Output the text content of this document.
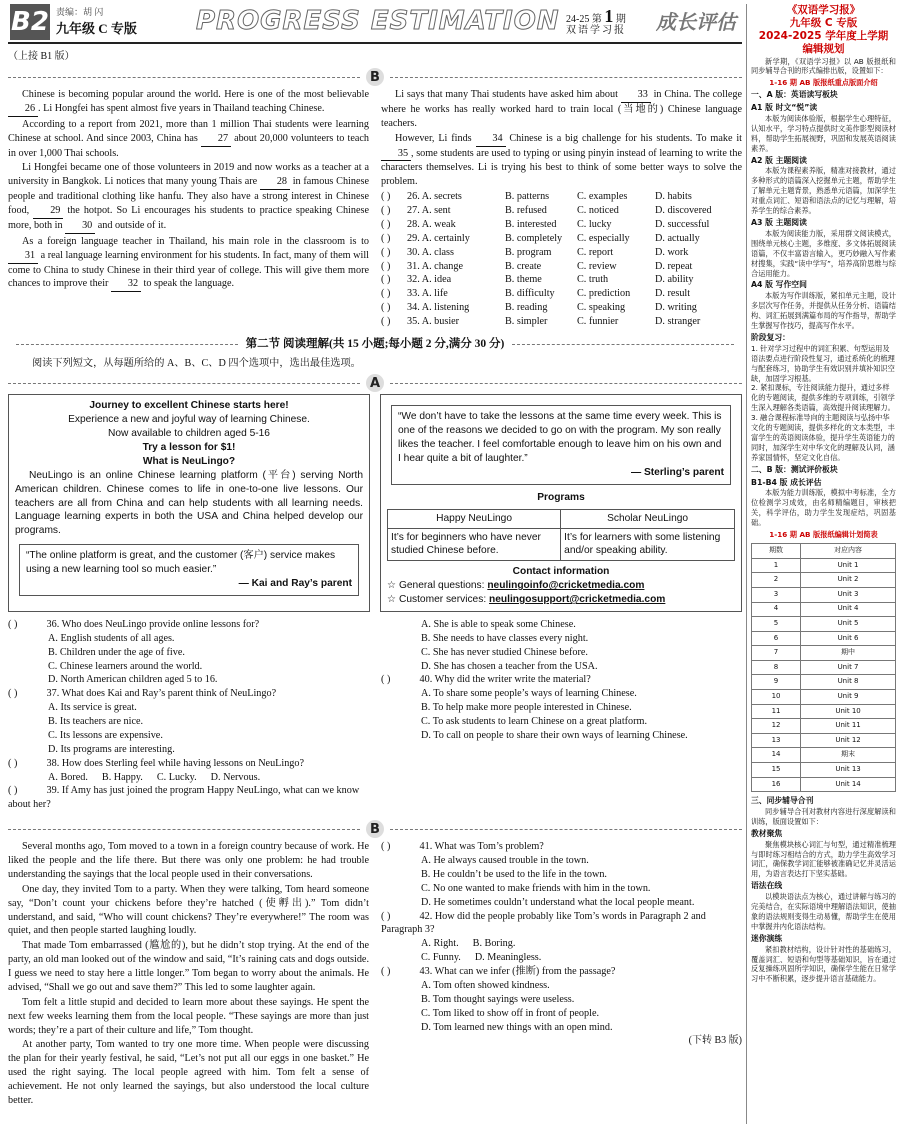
B2 责编：胡 闪
九年级 C 专版 PROGRESS ESTIMATION 24-25 第 1 期
双语学习报 成长评估
（上接 B1 版）
B

Chinese is becoming popular around the world. Here is one of the most believable 26 . Li Hongfei has spent almost five years in Thailand teaching Chinese.

According to a report from 2021, more than 1 million Thai students were learning Chinese at school. And since 2003, China has 27 about 20,000 volunteers to teach in over 1,000 Thai schools.

Li Hongfei became one of those volunteers in 2019 and now works as a teacher at a university in Bangkok. Li notices that many young Thais are 28 in famous Chinese people and traditional clothing like hanfu. They also have a strong interest in Chinese food, 29 the hotpot. So Li encourages his students to practice speaking Chinese more, both in 30 and outside of it.

As a foreign language teacher in Thailand, his main role in the classroom is to 31 a real language learning environment for his students. In fact, many of them will come to China to study Chinese in their third year of college. This will give them more chances to improve their 32 to speak the language.

Li says that many Thai students have asked him about 33 in China. The college where he works has really worked hard to train local (当地的) Chinese language teachers.

However, Li finds 34 Chinese is a big challenge for his students. To make it 35 , some students are used to typing or using pinyin instead of learning to write the characters themselves. Li is trying his best to think of some better ways to solve the problem.

( )	26. A. secrets	B. patterns	C. examples	D. habits
( )	27. A. sent	B. refused	C. noticed	D. discovered
( )	28. A. weak	B. interested	C. lucky	D. successful
( )	29. A. certainly	B. completely	C. especially	D. actually
( )	30. A. class	B. program	C. report	D. work
( )	31. A. change	B. create	C. review	D. repeat
( )	32. A. idea	B. theme	C. truth	D. ability
( )	33. A. life	B. difficulty	C. prediction	D. result
( )	34. A. listening	B. reading	C. speaking	D. writing
( )	35. A. busier	B. simpler	C. funnier	D. stranger
第二节 阅读理解(共 15 小题;每小题 2 分,满分 30 分)
阅读下列短文，从每题所给的 A、B、C、D 四个选项中，选出最佳选项。
A
Journey to excellent Chinese starts here!
Experience a new and joyful way of learning Chinese.
Now available to children aged 5-16
Try a lesson for $1!
What is NeuLingo?

NeuLingo is an online Chinese learning platform (平台) serving North American children. Chinese comes to life in one-to-one live lessons. Our teachers are all from China and can help students with all learning needs. Language learning experts in both the USA and China helped develop our programs.

“The online platform is great, and the customer (客户) service makes using a new learning tool so much easier.”
— Kai and Ray’s parent
“We don’t have to take the lessons at the same time every week. This is one of the reasons we decided to go on with the program. My son really likes the teacher. I feel comfortable enough to leave him on his own and I hear quite a bit of laughter.”
— Sterling’s parent
Programs
Happy NeuLingo	Scholar NeuLingo
It’s for beginners who have never studied Chinese before.	It’s for learners with some listening and/or speaking ability.
Contact information
☆ General questions: neulingoinfo@cricketmedia.com
☆ Customer services: neulingosupport@cricketmedia.com
( )	36. Who does NeuLingo provide online lessons for?
A. English students of all ages.
B. Children under the age of five.
C. Chinese learners around the world.
D. North American children aged 5 to 16.
( )	37. What does Kai and Ray’s parent think of NeuLingo?
A. Its service is great.
B. Its teachers are nice.
C. Its lessons are expensive.
D. Its programs are interesting.
( )	38. How does Sterling feel while having lessons on NeuLingo?
A. Bored. B. Happy. C. Lucky. D. Nervous.
( )	39. If Amy has just joined the program Happy NeuLingo, what can we know about her?
A. She is able to speak some Chinese.
B. She needs to have classes every night.
C. She has never studied Chinese before.
D. She has chosen a teacher from the USA.
( )	40. Why did the writer write the material?
A. To share some people’s ways of learning Chinese.
B. To help make more people interested in Chinese.
C. To ask students to learn Chinese on a great platform.
D. To call on people to share their own ways of learning Chinese.
B

Several months ago, Tom moved to a town in a foreign country because of work. He liked the people and the life there. But there was only one problem: he had trouble understanding the sayings that the local people used in their conversations.

One day, they invited Tom to a party. When they were talking, Tom heard someone say, “Don’t count your chickens before they’re hatched (使孵出).” Tom didn’t understand, and said, “Who will count chickens? They’re everywhere!” The room was quiet, and then people started laughing loudly.

That made Tom embarrassed (尴尬的), but he didn’t stop trying. At the end of the party, an old man looked out of the window and said, “It’s raining cats and dogs outside. I guess we need to stay here a little longer.” Tom began to worry about the animals. He advised, “Shall we go out and save them?” This led to some laughter again.

Tom felt a little stupid and decided to learn more about these sayings. He spent the next few weeks learning them from the local people. “These sayings are more than just words; they’re a part of their culture and life,” Tom thought.

At another party, Tom wanted to try one more time. When people were discussing the plan for their yearly festival, he said, “Let’s not put all our eggs in one basket.” He used the right saying. The local people agreed with him. Tom felt a sense of achievement. He not only learned the sayings, but also understood the local culture better.

( )	41. What was Tom’s problem?
A. He always caused trouble in the town.
B. He couldn’t be used to the life in the town.
C. No one wanted to make friends with him in the town.
D. He sometimes couldn’t understand what the local people meant.
( )	42. How did the people probably like Tom’s words in Paragraph 2 and Paragraph 3?
A. Right. B. Boring.
C. Funny. D. Meaningless.
( )	43. What can we infer (推断) from the passage?
A. Tom often showed kindness.
B. Tom thought sayings were useless.
C. Tom liked to show off in front of people.
D. Tom learned new things with an open mind.
(下转 B3 版)
《双语学习报》
九年级 C 专版
2024-2025 学年度上学期
编辑规划
新学期，《双语学习报》以 AB 版报纸和同步辅导合刊的形式编排出版，设置如下：
1-16 期 AB 版报纸重点版面介绍
一、A 版：英语读写板块
A1 版 时文“悦”读
本版为阅读体验版，根据学生心理特征，认知水平，学习特点提供时文美作影型阅读材料，帮助学生拓展视野，巩固和发展英语阅读素养。
A2 版 主题阅读
本版为课程素养版，精准对接教材，通过多种形式的语篇深入挖掘单元主题，帮助学生了解单元主题背景，熟悉单元语篇，加深学生对重点词汇、短语和语法点的记忆与理解，培养学生的综合素养。
A3 版 主题阅读
本版为阅读能力版，采用群文阅读模式，围绕单元核心主题，多维度、多文体拓展阅读语篇，不仅丰富语言输入，更巧妙融入写作素材搜集，实践“读中学写”，培养高阶思维与综合运用能力。
A4 版 写作空间
本版为写作训练版，紧扣单元主题，设计多层次写作任务，并提供从任务分析、语篇结构、词汇拓展到满篇布局的写作指导，帮助学生掌握写作技巧，提高写作水平。
阶段复习：
1. 针对学习过程中的词汇积累、句型运用及语法要点进行阶段性复习，通过系统化的梳理与配套练习，协助学生有效识别并填补知识空缺，加固学习根基。
2. 紧扣课标，专注阅读能力提升，通过多样化的专题阅读，提供多维的专项训练，引领学生深入理解各类语篇，高效提升阅读理解力。
3. 融合课程标准导向的主题阅读与弘扬中华文化的专题阅读，提供多样化的文本类型，丰富学生的英语阅读体验，提升学生英语能力的同时，加深学生对中华文化的理解及认同，涵养家国情怀，坚定文化自信。
二、B 版：测试评价板块
B1-B4 版 成长评估
本版为能力训练版，模拟中考标准，全方位检测学习成效，由名师精编题目，审核把关，科学评估，助力学生发现症结，巩固基础。
1-16 期 AB 版报纸编辑计划简表
期数	对应内容
1	Unit 1
2	Unit 2
3	Unit 3
4	Unit 4
5	Unit 5
6	Unit 6
7	期中
8	Unit 7
9	Unit 8
10	Unit 9
11	Unit 10
12	Unit 11
13	Unit 12
14	期末
15	Unit 13
16	Unit 14
三、同步辅导合刊
同步辅导合刊对教材内容进行深度解读和训练，版面设置如下：
教材聚焦
聚焦模块核心词汇与句型，通过精准梳理与即时练习相结合的方式，助力学生高效学习词汇，确保教学词汇能够被准确记忆并灵活运用，为语言表达打下坚实基础。
语法在线
以模块语法点为核心，通过讲解与练习的完美结合，在实际语境中理解语法知识，使抽象的语法规则变得生动易懂，帮助学生在使用中掌握并内化语法结构。
迷你演练
紧扣教材结构，设计针对性的基础练习，覆盖词汇、短语和句型等基础知识，旨在通过反复操练巩固所学知识，确保学生能在日常学习中不断积累，逐步提升语言基础能力。
